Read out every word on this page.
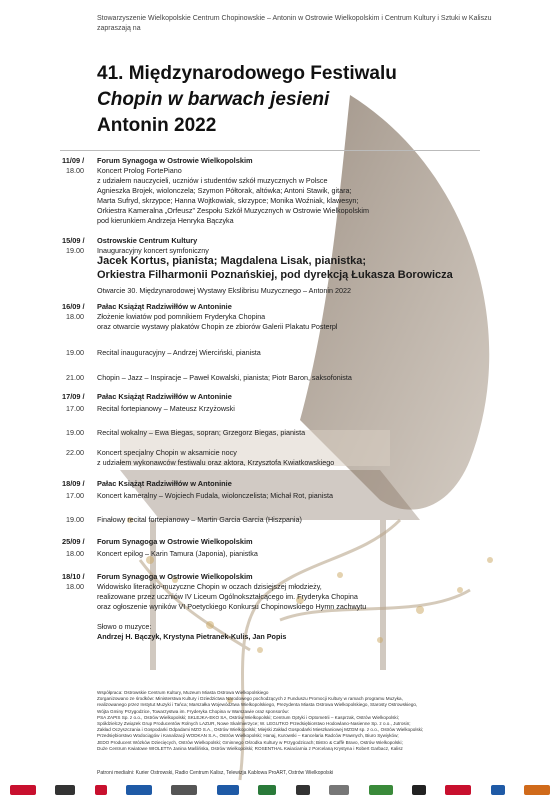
Stowarzyszenie Wielkopolskie Centrum Chopinowskie – Antonin w Ostrowie Wielkopolskim i Centrum Kultury i Sztuki w Kaliszu zapraszają na
41. Międzynarodowego Festiwalu
Chopin w barwach jesieni
Antonin 2022
11/09 /	Forum Synagoga w Ostrowie Wielkopolskim
18.00	Koncert Prolog FortePiano
z udziałem nauczycieli, uczniów i studentów szkół muzycznych w Polsce
Agnieszka Brojek, wiolonczela; Szymon Półtorak, altówka; Antoni Stawik, gitara;
Marta Sufryd, skrzypce; Hanna Wojtkowiak, skrzypce; Monika Woźniak, klawesyn;
Orkiestra Kameralna „Orfeusz” Zespołu Szkół Muzycznych w Ostrowie Wielkopolskim
pod kierunkiem Andrzeja Henryka Bączyka
15/09 /	Ostrowskie Centrum Kultury
19.00	Inauguracyjny koncert symfoniczny
Jacek Kortus, pianista; Magdalena Lisak, pianistka;
Orkiestra Filharmonii Poznańskiej, pod dyrekcją Łukasza Borowicza
Otwarcie 30. Międzynarodowej Wystawy Ekslibrisu Muzycznego – Antonin 2022
16/09 /	Pałac Książąt Radziwiłłów w Antoninie
18.00	Złożenie kwiatów pod pomnikiem Fryderyka Chopina
oraz otwarcie wystawy plakatów Chopin ze zbiorów Galerii Plakatu Posterpl
19.00	Recital inauguracyjny – Andrzej Wierciński, pianista
21.00	Chopin – Jazz – Inspiracje – Paweł Kowalski, pianista; Piotr Baron, saksofonista
17/09 /	Pałac Książąt Radziwiłłów w Antoninie
17.00	Recital fortepianowy – Mateusz Krzyżowski
19.00	Recital wokalny – Ewa Biegas, sopran; Grzegorz Biegas, pianista
22.00	Koncert specjalny Chopin w aksamicie nocy
z udziałem wykonawców festiwalu oraz aktora, Krzysztofa Kwiatkowskiego
18/09 /	Pałac Książąt Radziwiłłów w Antoninie
17.00	Koncert kameralny – Wojciech Fudala, wiolonczelista; Michał Rot, pianista
19.00	Finałowy recital fortepianowy – Martin Garcia Garcia (Hiszpania)
25/09 /	Forum Synagoga w Ostrowie Wielkopolskim
18.00	Koncert epilog – Karin Tamura (Japonia), pianistka
18/10 /	Forum Synagoga w Ostrowie Wielkopolskim
18.00	Widowisko literacko-muzyczne Chopin w oczach dzisiejszej młodzieży,
realizowane przez uczniów IV Liceum Ogólnokształcącego im. Fryderyka Chopina
oraz ogłoszenie wyników VI Poetyckiego Konkursu Chopinowskiego Hymn zachwytu
Słowo o muzyce:
Andrzej H. Bączyk, Krystyna Pietranek-Kulis, Jan Popis
Współpraca: Ostrowskie Centrum Kultury, Muzeum Miasta Ostrowa Wielkopolskiego
Zorganizowano ze środków: Ministerstwa Kultury i Dziedzictwa Narodowego pochodzących z Funduszu Promocji Kultury w ramach programu Muzyka,
realizowanego przez Instytut Muzyki i Tańca; Marszałka Województwa Wielkopolskiego, Prezydenta Miasta Ostrowa Wielkopolskiego, Starosty Ostrowskiego,
Wójta Gminy Przygodzice, Towarzystwa im. Fryderyka Chopina w Warszawie oraz sponsorów:
PSA ZAPIS Sp. z o.o., Ostrów Wielkopolski; SKLEJKA-EKO SA, Ostrów Wielkopolski; Centrum Optyki i Optometrii – Kasprzak, Ostrów Wielkopolski;
Spółdzielczy Związek Grup Producentów Rolnych LAZUR, Nowe Skalmierzyce; W. LEGUTKO Przedsiębiorstwo Hodowlano-Nasienne Sp. z o.o., Jutrosin;
Zakład Oczyszczania i Gospodarki Odpadami MZO S.A., Ostrów Wielkopolski; Miejski Zakład Gospodarki Mieszkaniowej MZGM sp. z o.o., Ostrów Wielkopolski;
Przedsiębiorstwo Wodociągów i Kanalizacji WODKAN S.A., Ostrów Wielkopolski; Hanaj, Kurowski – Kancelaria Radców Prawnych, Biuro Sywiyków;
JEDO Producent Wózków Dziecięcych, Ostrów Wielkopolski; Gminnego Ośrodka Kultury w Przygodzicach; Bistro & Caffè Bravo, Ostrów Wielkopolski;
Duże Centrum Kwiatowe WIOLETTA Janina Maślińska, Ostrów Wielkopolski; ROSENTHAL Kwiaciarnia z Porcelaną Krystyna i Robert Garbacz, Kalisz
Patroni medialni: Kurier Ostrowski, Radio Centrum Kalisz, Telewizja Kablowa ProART, Ostrów Wielkopolski
